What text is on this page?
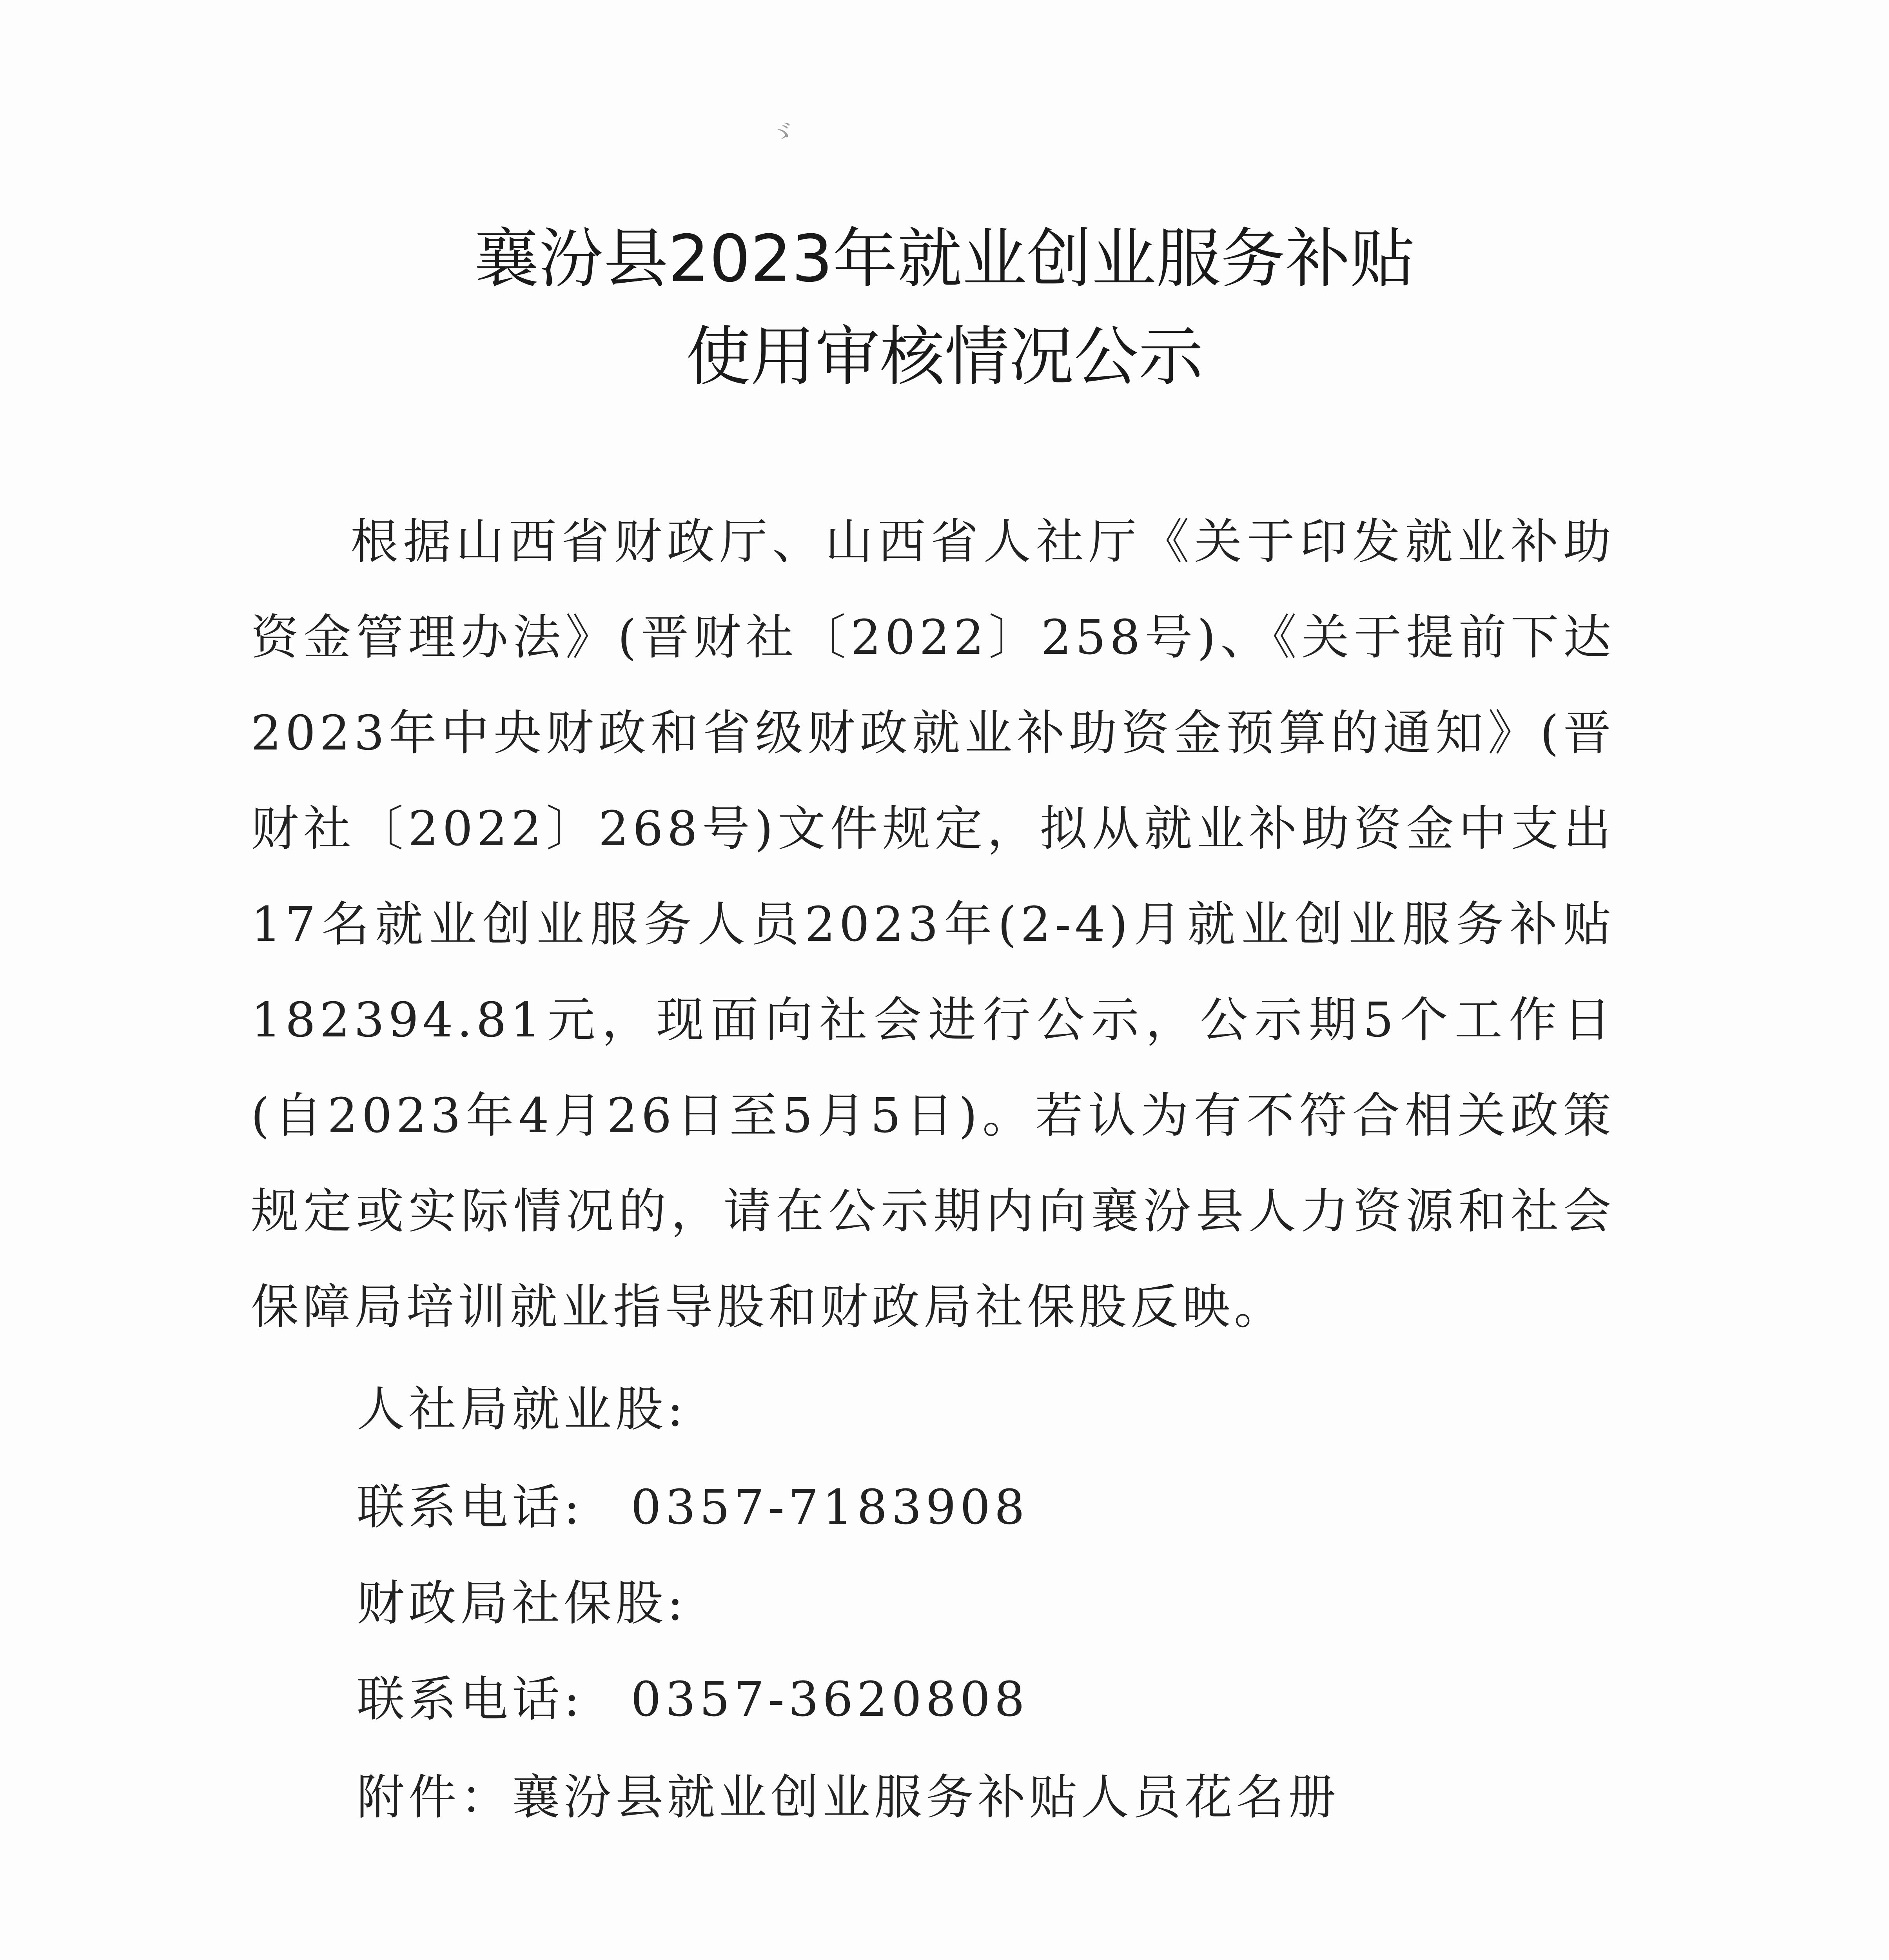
ゞ
襄汾县2023年就业创业服务补贴
使用审核情况公示

根据山西省财政厅、山西省人社厅《关于印发就业补助资金管理办法》(晋财社〔2022〕258号)、《关于提前下达2023年中央财政和省级财政就业补助资金预算的通知》(晋财社〔2022〕268号)文件规定，拟从就业补助资金中支出17名就业创业服务人员2023年(2-4)月就业创业服务补贴182394.81元，现面向社会进行公示，公示期5个工作日(自2023年4月26日至5月5日)。若认为有不符合相关政策规定或实际情况的，请在公示期内向襄汾县人力资源和社会保障局培训就业指导股和财政局社保股反映。

人社局就业股:
联系电话: 0357-7183908
财政局社保股:
联系电话: 0357-3620808
附件：襄汾县就业创业服务补贴人员花名册
